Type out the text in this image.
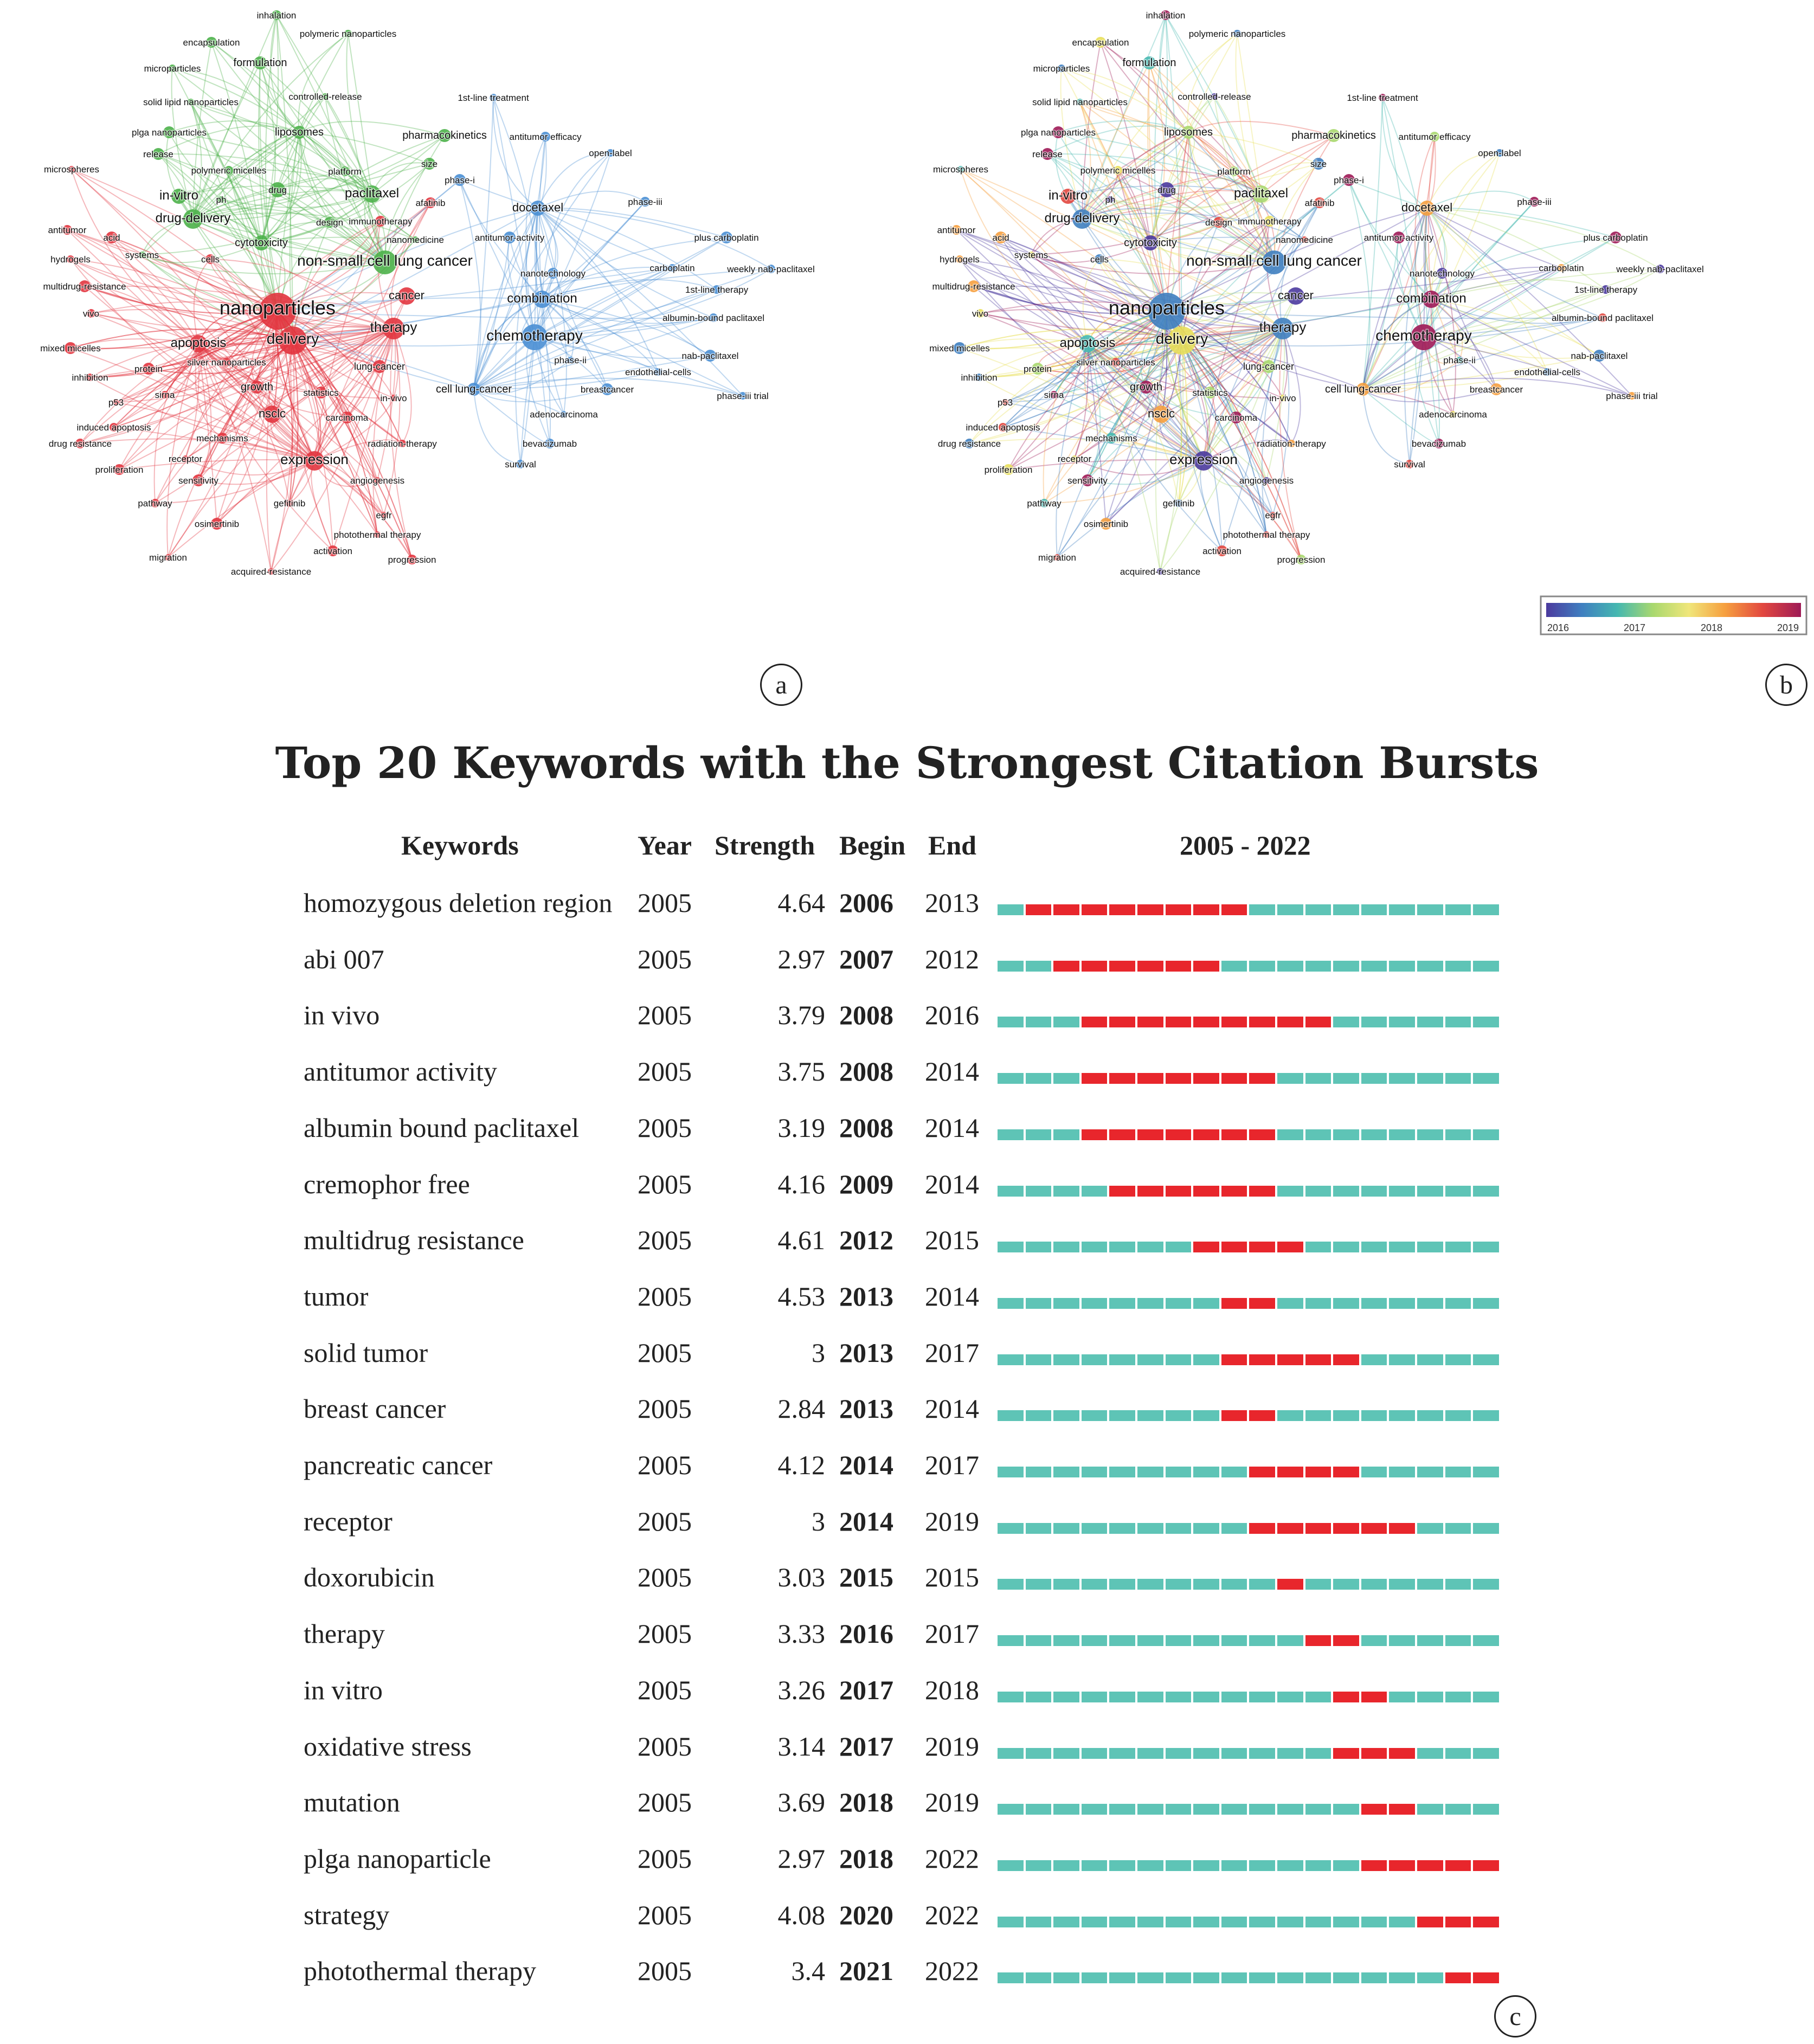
inhalation
polymeric nanoparticles
encapsulation
formulation
microparticles
controlled-release
solid lipid nanoparticles	1st-line treatment
plga nanoparticles	liposomes	pharmacokinetics antitumor efficacy
release	open-label
microspheres	polymeric micelles	platform
size
phase-i
drug	paclitaxel
in-vitro ph	afatinib	docetaxel	phase-iii
drug-delivery	design immunotherapy
antitumor
nanomedicine	antitumor-activity
acid	cytotoxicity	plus carboplatin
hydrogels	systems	cells	non-small cell lung cancer	carboplatin	weekly nab-paclitaxel
nanotechnology
multidrug-resistance	1st-line therapy
cancer	combination
vivo	nanoparticles	albumin-bound paclitaxel
therapy	chemotherapy
mixed micelles	apoptosis	delivery
silver nanoparticles	phase-ii	nab-paclitaxel
protein	lung-cancer
endothelial-cells
inhibition
growth	breastcancer
sirna	statistics
in-vivo
cell lung-cancer
phase-iii trial
p53
nsclc	carcinoma	adenocarcinoma
induced apoptosis
mechanisms
drug resistance	radiation-therapy	bevacizumab
receptor	expression
proliferation
survival
sensitivity	angiogenesis
pathway	gefitinib
egfr
osimertinib
photothermal therapy
activation
migration	progression
acquired-resistance
inhalation
polymeric nanoparticles
encapsulation
formulation
microparticles
controlled-release
solid lipid nanoparticles	1st-line treatment
plga nanoparticles	liposomes	pharmacokinetics antitumor efficacy
release	open-label
microspheres	polymeric micelles	platform
size
phase-i
drug	paclitaxel
in-vitro ph	afatinib	docetaxel	phase-iii
drug-delivery	design immunotherapy
antitumor
nanomedicine	antitumor-activity
acid	cytotoxicity	plus carboplatin
hydrogels	systems	cells	non-small cell lung cancer	carboplatin	weekly nab-paclitaxel
nanotechnology
multidrug-resistance	1st-line therapy
cancer	combination
vivo	nanoparticles	albumin-bound paclitaxel
therapy	chemotherapy
mixed micelles	apoptosis	delivery
silver nanoparticles	phase-ii	nab-paclitaxel
protein	lung-cancer
endothelial-cells
inhibition
growth	breastcancer
sirna	statistics
in-vivo
cell lung-cancer
phase-iii trial
p53
nsclc	carcinoma	adenocarcinoma
induced apoptosis
mechanisms
drug resistance	radiation-therapy	bevacizumab
receptor	expression
proliferation
survival
sensitivity	angiogenesis
pathway	gefitinib
egfr
osimertinib
photothermal therapy
activation
migration	progression
acquired-resistance
2016	2017	2018	2019
a	b
Top 20 Keywords with the Strongest Citation Bursts
Keywords	Year Strength Begin End	2005 - 2022
homozygous deletion region 2005	4.64 2006 2013
abi 007	2005	2.97 2007 2012
in vivo	2005	3.79 2008 2016
antitumor activity	2005	3.75 2008 2014
albumin bound paclitaxel 2005	3.19 2008 2014
cremophor free	2005	4.16 2009 2014
multidrug resistance	2005	4.61 2012 2015
tumor	2005	4.53 2013 2014
solid tumor	2005	3 2013 2017
breast cancer	2005	2.84 2013 2014
pancreatic cancer	2005	4.12 2014 2017
receptor	2005	3 2014 2019
doxorubicin	2005	3.03 2015 2015
therapy	2005	3.33 2016 2017
in vitro	2005	3.26 2017 2018
oxidative stress	2005	3.14 2017 2019
mutation	2005	3.69 2018 2019
plga nanoparticle	2005	2.97 2018 2022
strategy	2005	4.08 2020 2022
photothermal therapy	2005	3.4 2021 2022
c
